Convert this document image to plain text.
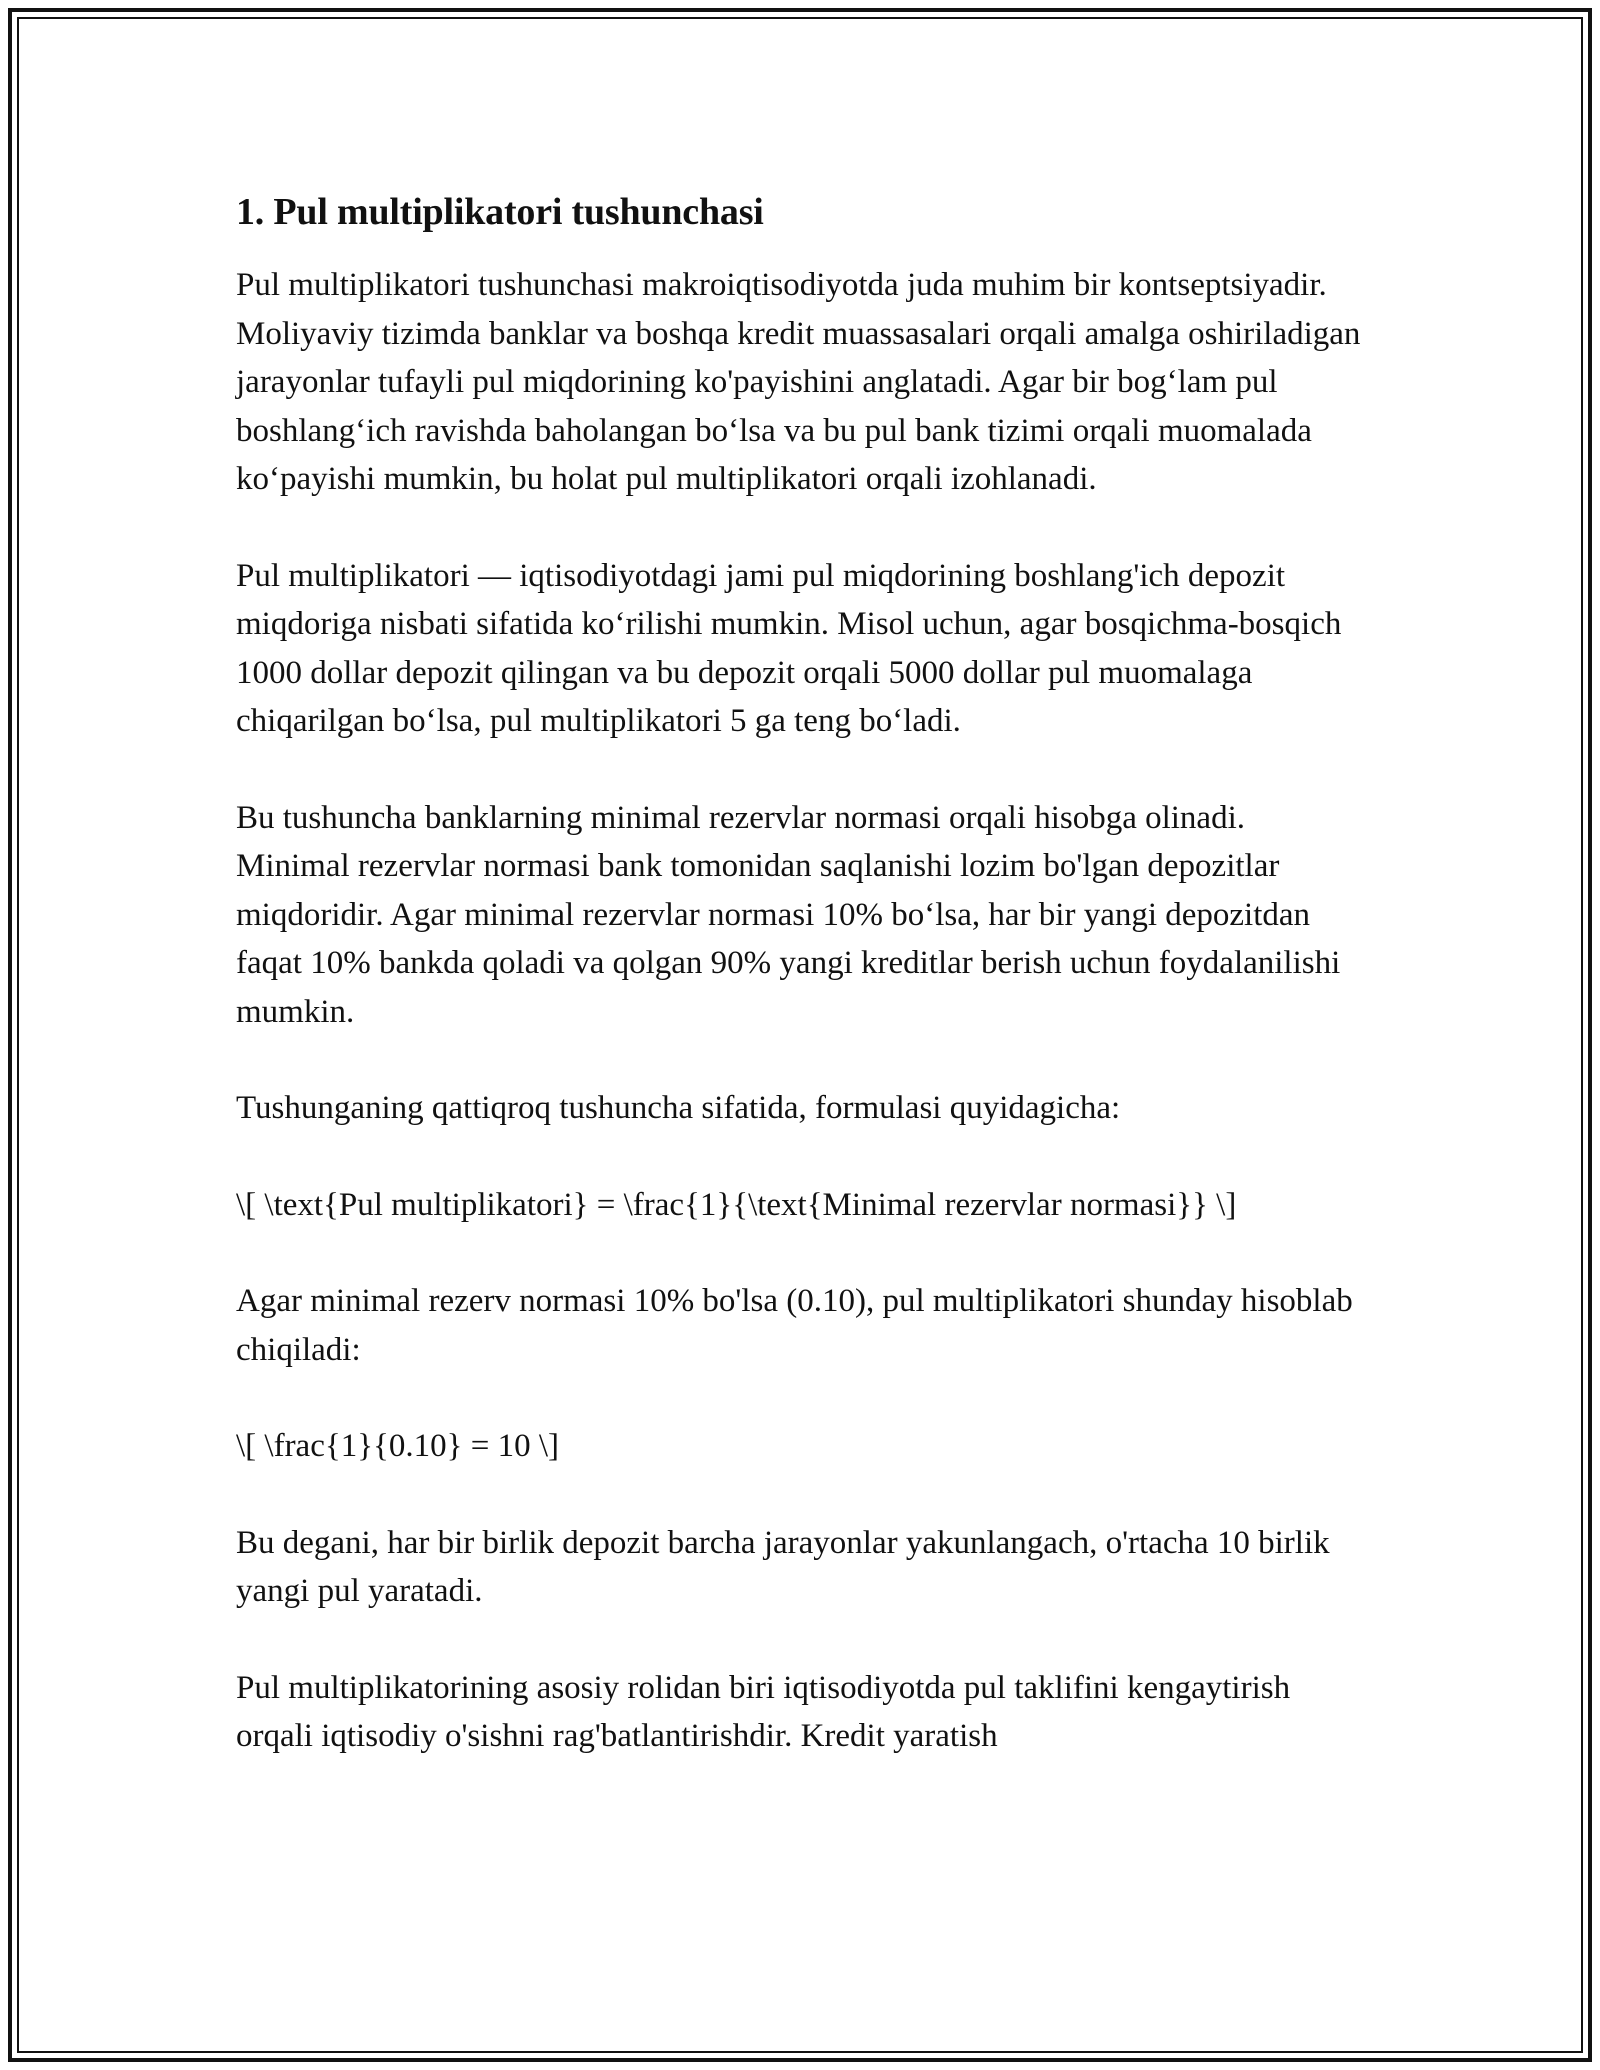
1. Pul multiplikatori tushunchasi

Pul multiplikatori tushunchasi makroiqtisodiyotda juda muhim bir kontseptsiyadir. Moliyaviy tizimda banklar va boshqa kredit muassasalari orqali amalga oshiriladigan jarayonlar tufayli pul miqdorining ko'payishini anglatadi. Agar bir bog‘lam pul boshlang‘ich ravishda baholangan bo‘lsa va bu pul bank tizimi orqali muomalada ko‘payishi mumkin, bu holat pul multiplikatori orqali izohlanadi.

Pul multiplikatori — iqtisodiyotdagi jami pul miqdorining boshlang'ich depozit miqdoriga nisbati sifatida ko‘rilishi mumkin. Misol uchun, agar bosqichma-bosqich 1000 dollar depozit qilingan va bu depozit orqali 5000 dollar pul muomalaga chiqarilgan bo‘lsa, pul multiplikatori 5 ga teng bo‘ladi.

Bu tushuncha banklarning minimal rezervlar normasi orqali hisobga olinadi. Minimal rezervlar normasi bank tomonidan saqlanishi lozim bo'lgan depozitlar miqdoridir. Agar minimal rezervlar normasi 10% bo‘lsa, har bir yangi depozitdan faqat 10% bankda qoladi va qolgan 90% yangi kreditlar berish uchun foydalanilishi mumkin.

Tushunganing qattiqroq tushuncha sifatida, formulasi quyidagicha:

\[ \text{Pul multiplikatori} = \frac{1}{\text{Minimal rezervlar normasi}} \]

Agar minimal rezerv normasi 10% bo'lsa (0.10), pul multiplikatori shunday hisoblab chiqiladi:

\[ \frac{1}{0.10} = 10 \]

Bu degani, har bir birlik depozit barcha jarayonlar yakunlangach, o'rtacha 10 birlik yangi pul yaratadi.

Pul multiplikatorining asosiy rolidan biri iqtisodiyotda pul taklifini kengaytirish orqali iqtisodiy o'sishni rag'batlantirishdir. Kredit yaratish
